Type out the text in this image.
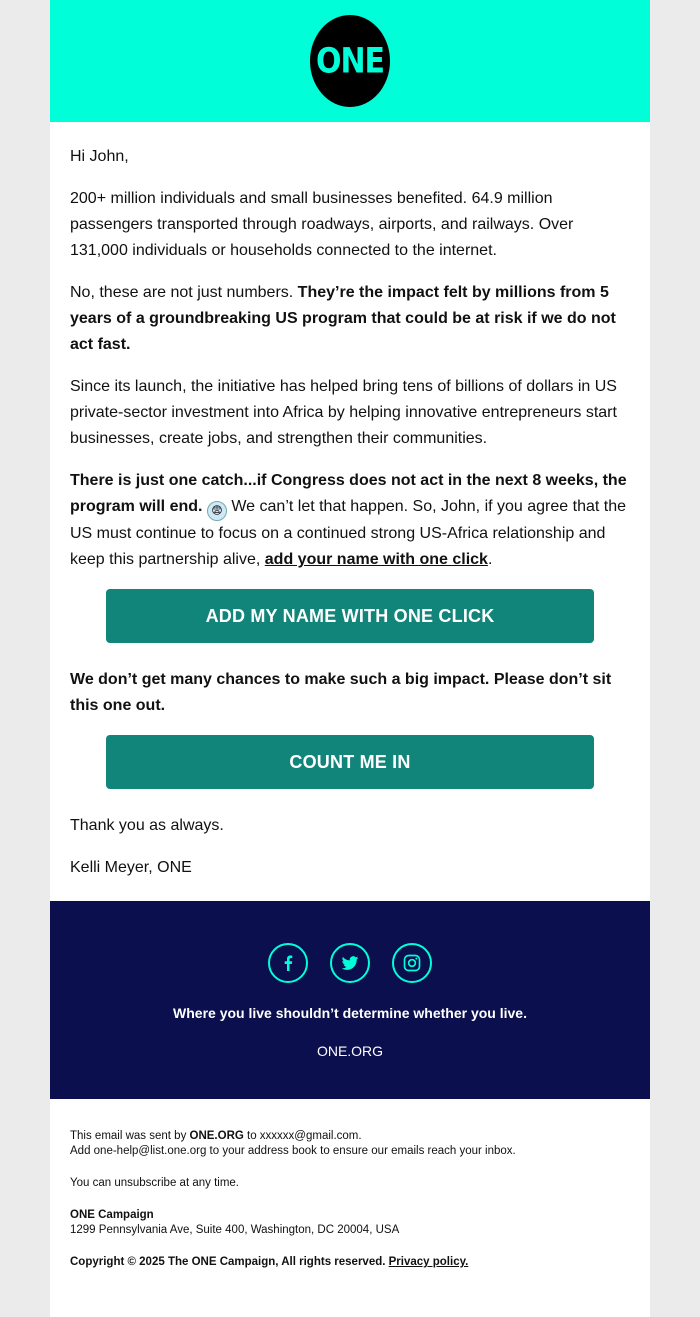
ONE

Hi John,

200+ million individuals and small businesses benefited. 64.9 million passengers transported through roadways, airports, and railways. Over 131,000 individuals or households connected to the internet.

No, these are not just numbers. They’re the impact felt by millions from 5 years of a groundbreaking US program that could be at risk if we do not act fast.

Since its launch, the initiative has helped bring tens of billions of dollars in US private-sector investment into Africa by helping innovative entrepreneurs start businesses, create jobs, and strengthen their communities.

There is just one catch...if Congress does not act in the next 8 weeks, the program will end. 😨 We can’t let that happen. So, John, if you agree that the US must continue to focus on a continued strong US-Africa relationship and keep this partnership alive, add your name with one click.

ADD MY NAME WITH ONE CLICK

We don’t get many chances to make such a big impact. Please don’t sit this one out.

COUNT ME IN

Thank you as always.

Kelli Meyer, ONE

Where you live shouldn’t determine whether you live.
ONE.ORG

This email was sent by ONE.ORG to xxxxxx@gmail.com.
Add one-help@list.one.org to your address book to ensure our emails reach your inbox.

You can unsubscribe at any time.

ONE Campaign
1299 Pennsylvania Ave, Suite 400, Washington, DC 20004, USA

Copyright © 2025 The ONE Campaign, All rights reserved. Privacy policy.
